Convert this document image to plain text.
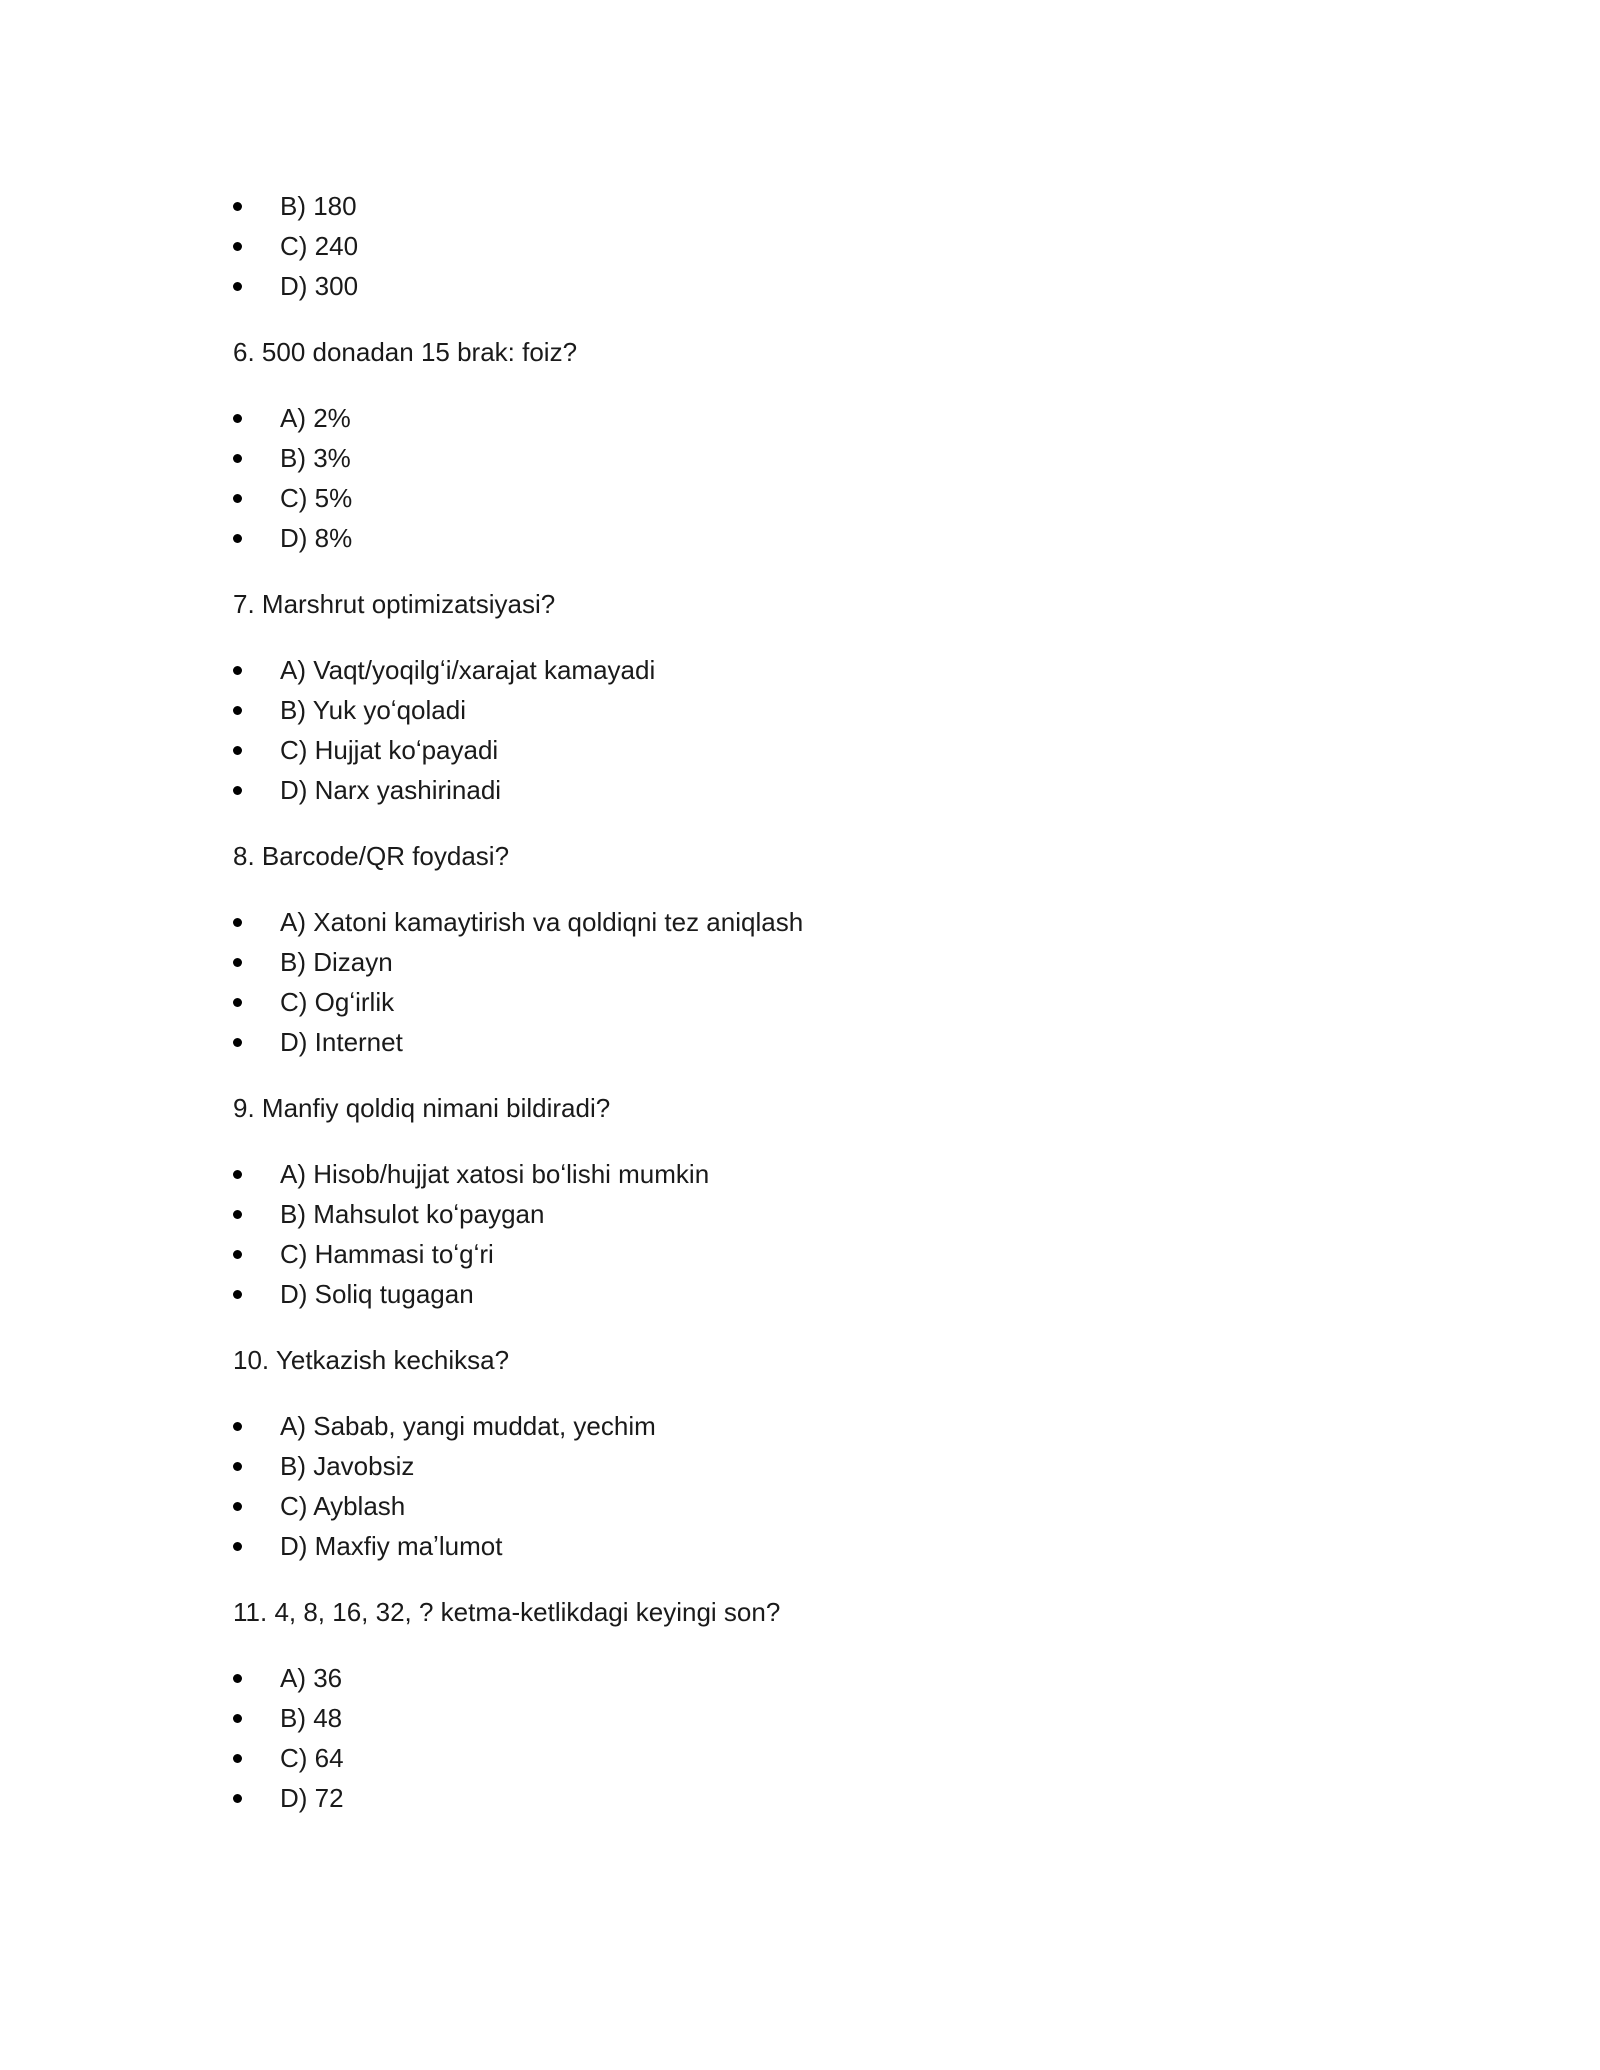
B) 180
C) 240
D) 300
6. 500 donadan 15 brak: foiz?
A) 2%
B) 3%
C) 5%
D) 8%
7. Marshrut optimizatsiyasi?
A) Vaqt/yoqilgʻi/xarajat kamayadi
B) Yuk yoʻqoladi
C) Hujjat koʻpayadi
D) Narx yashirinadi
8. Barcode/QR foydasi?
A) Xatoni kamaytirish va qoldiqni tez aniqlash
B) Dizayn
C) Ogʻirlik
D) Internet
9. Manfiy qoldiq nimani bildiradi?
A) Hisob/hujjat xatosi boʻlishi mumkin
B) Mahsulot koʻpaygan
C) Hammasi toʻgʻri
D) Soliq tugagan
10. Yetkazish kechiksa?
A) Sabab, yangi muddat, yechim
B) Javobsiz
C) Ayblash
D) Maxfiy maʼlumot
11. 4, 8, 16, 32, ? ketma-ketlikdagi keyingi son?
A) 36
B) 48
C) 64
D) 72
